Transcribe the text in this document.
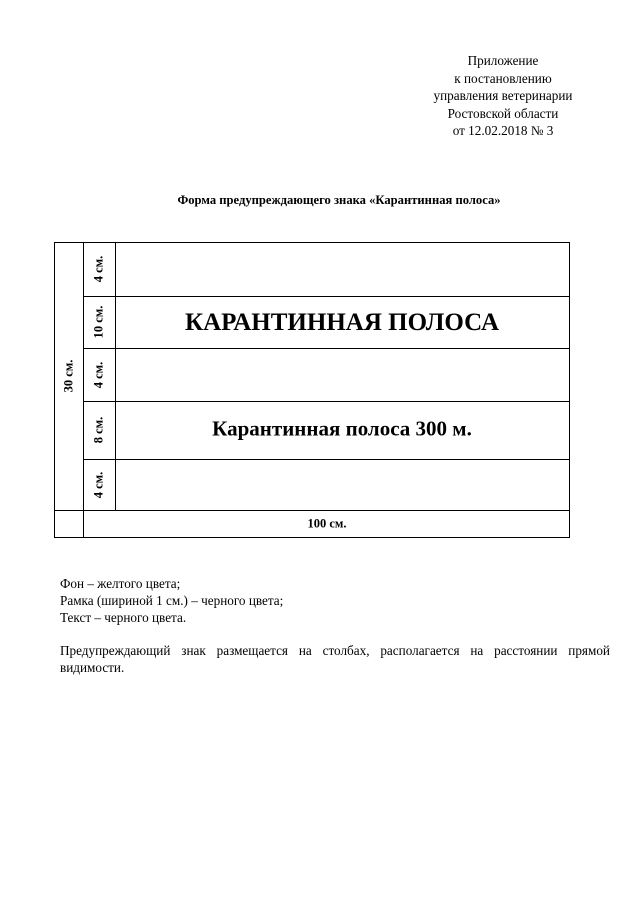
Приложение
к постановлению
управления ветеринарии
Ростовской области
от 12.02.2018 № 3
Форма предупреждающего знака «Карантинная полоса»
30 см.
4 см.
10 см.
4 см.
8 см.
4 см.
КАРАНТИННАЯ ПОЛОСА
Карантинная полоса 300 м.
100 см.

Фон – желтого цвета;

Рамка (шириной 1 см.) – черного цвета;

Текст – черного цвета.

Предупреждающий знак размещается на столбах, располагается на расстоянии прямой видимости.
